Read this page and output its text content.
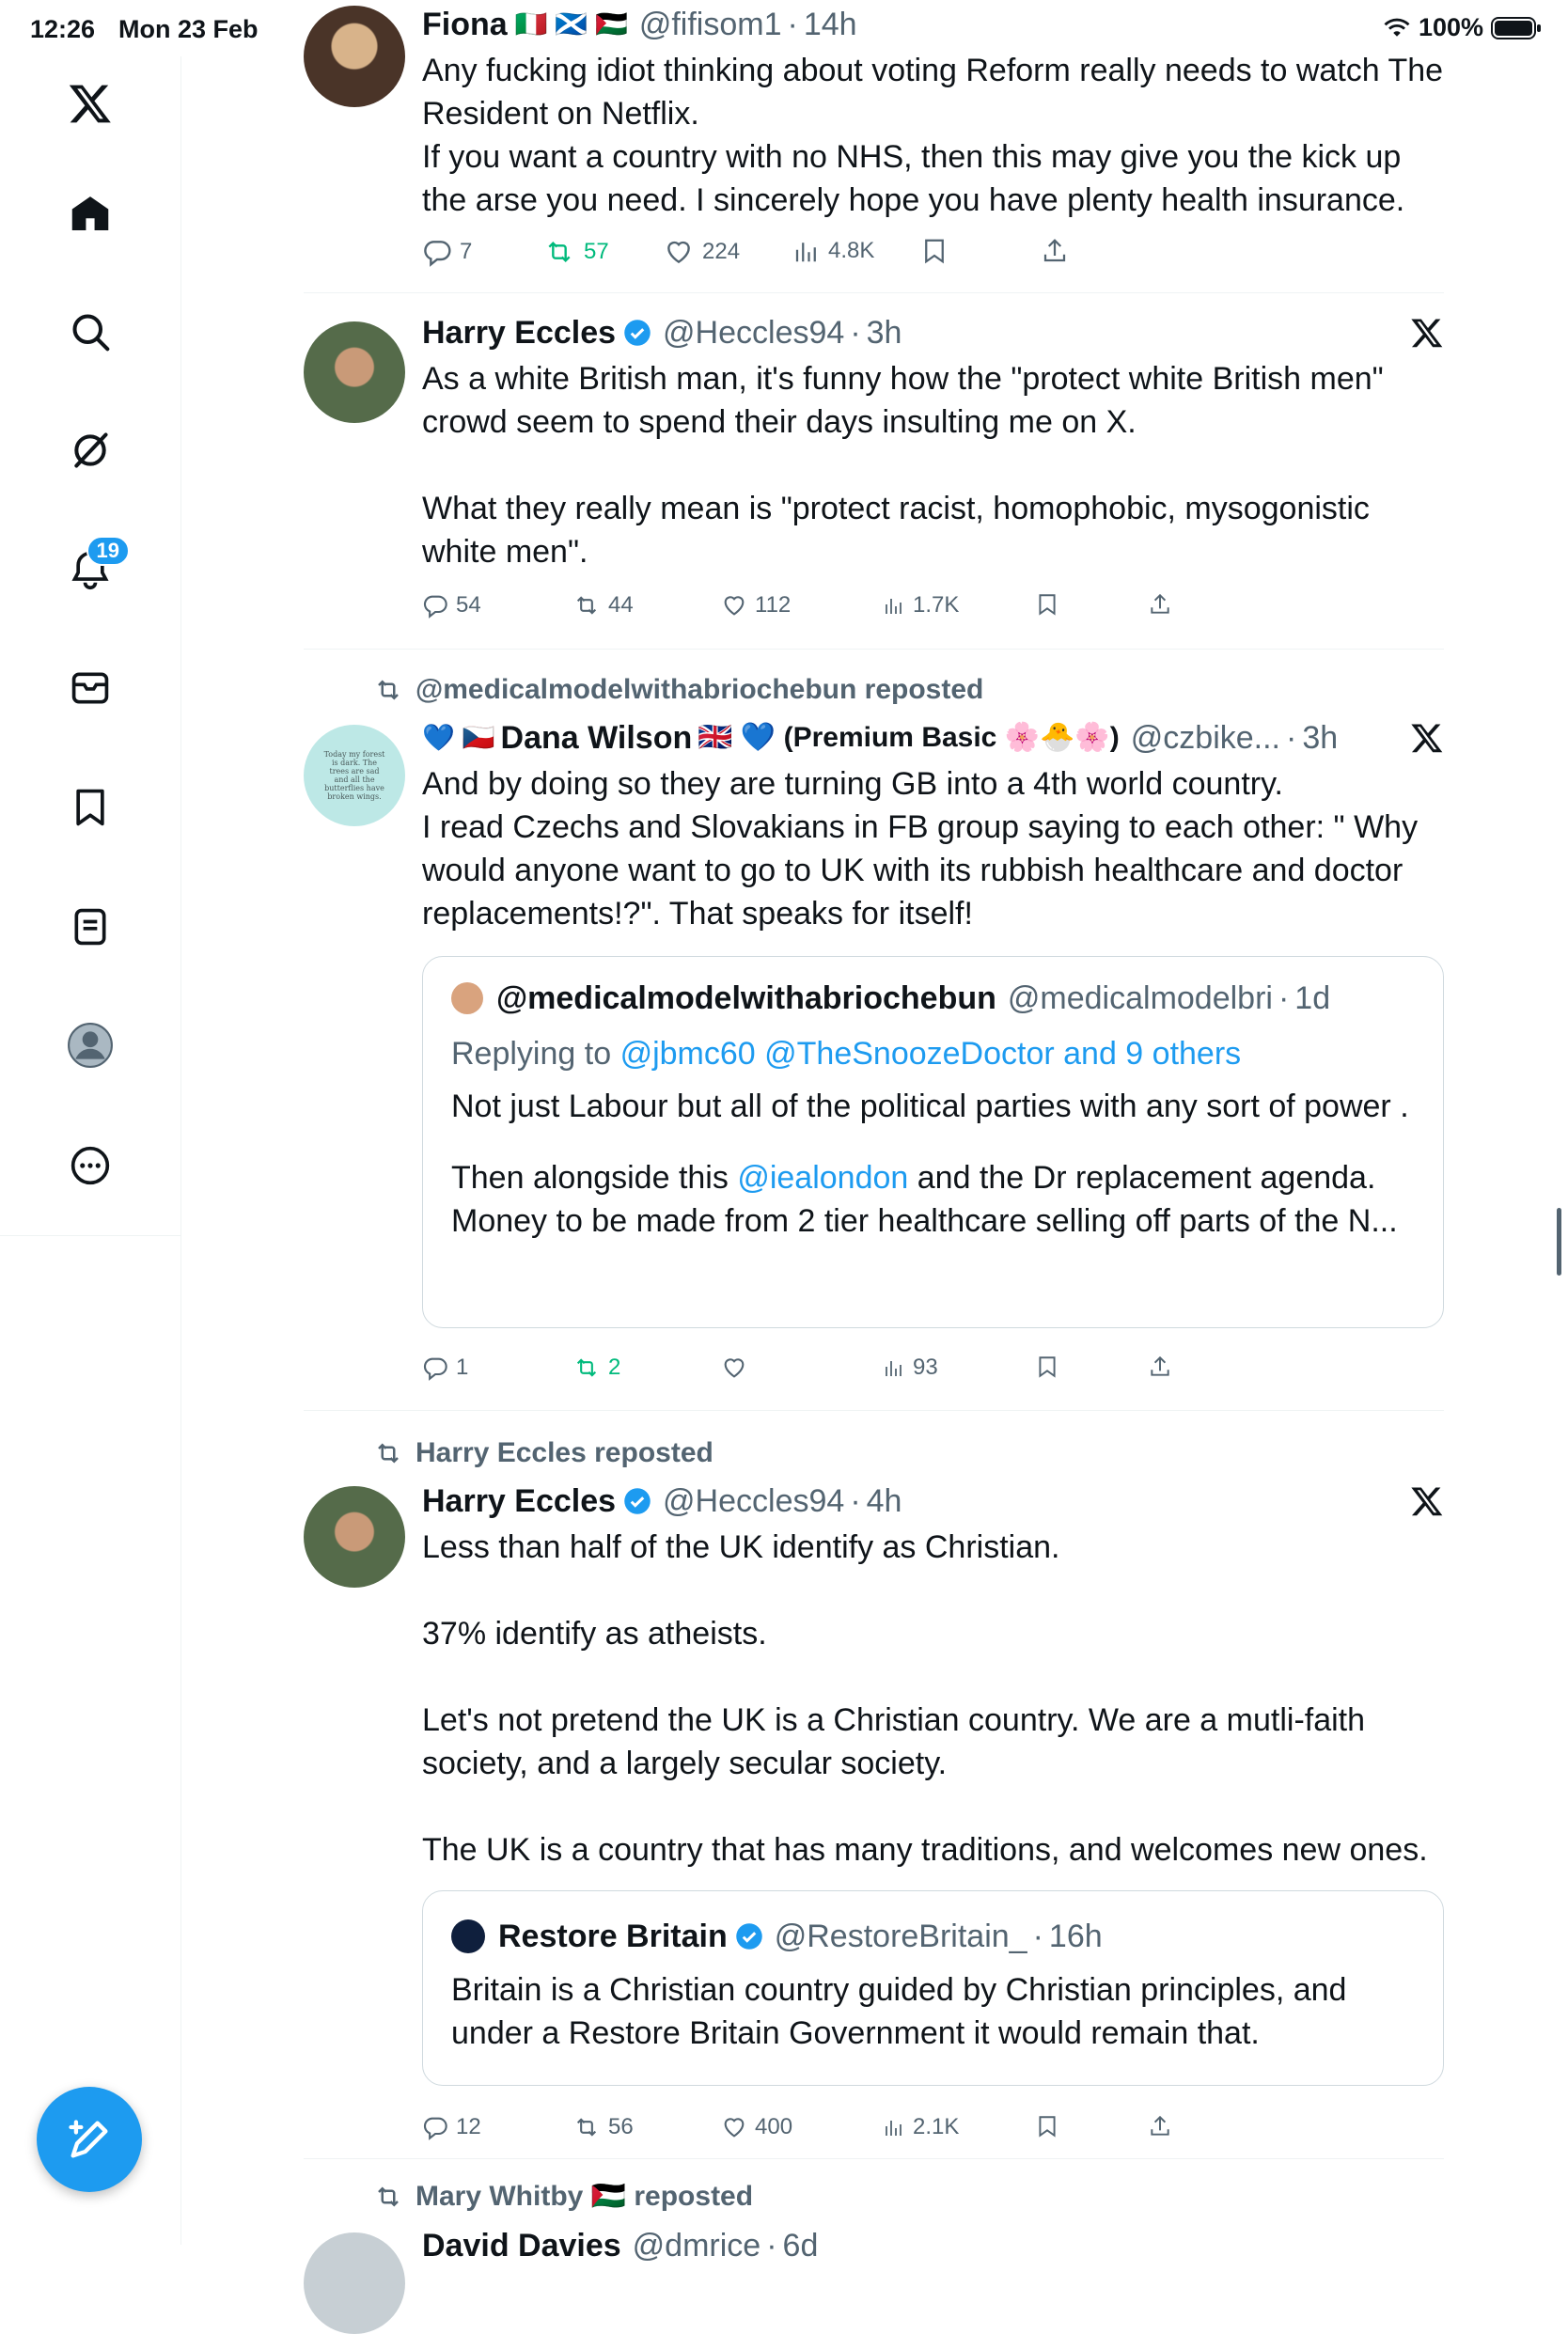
12:26 Mon 23 Feb	100%
19
Fiona 🇮🇹 🏴󠁧󠁢󠁳󠁣󠁴󠁿 🇵🇸 @fifisom1 · 14h
Any fucking idiot thinking about voting Reform really needs to watch The Resident on Netflix.
If you want a country with no NHS, then this may give you the kick up the arse you need. I sincerely hope you have plenty health insurance.
7	57	224	4.8K
Harry Eccles @Heccles94 · 3h
As a white British man, it's funny how the "protect white British men" crowd seem to spend their days insulting me on X.

What they really mean is "protect racist, homophobic, mysogonistic white men".
54	44	112	1.7K
@medicalmodelwithabriochebun reposted
Today my forest is dark. The trees are sad and all the butterflies have broken wings.
💙 🇨🇿 Dana Wilson 🇬🇧 💙 (Premium Basic 🌸🐣🌸) @czbike... · 3h
And by doing so they are turning GB into a 4th world country.
I read Czechs and Slovakians in FB group saying to each other: " Why would anyone want to go to UK with its rubbish healthcare and doctor replacements!?". That speaks for itself!
@medicalmodelwithabriochebun @medicalmodelbri · 1d
Replying to @jbmc60 @TheSnoozeDoctor and 9 others
Not just Labour but all of the political parties with any sort of power .
Then alongside this @iealondon and the Dr replacement agenda. Money to be made from 2 tier healthcare selling off parts of the N...
1	2	93
Harry Eccles reposted
Harry Eccles @Heccles94 · 4h
Less than half of the UK identify as Christian.

37% identify as atheists.

Let's not pretend the UK is a Christian country. We are a mutli-faith society, and a largely secular society.

The UK is a country that has many traditions, and welcomes new ones.
Restore Britain @RestoreBritain_ · 16h
Britain is a Christian country guided by Christian principles, and under a Restore Britain Government it would remain that.
12	56	400	2.1K
Mary Whitby 🇵🇸 reposted
David Davies @dmrice · 6d
